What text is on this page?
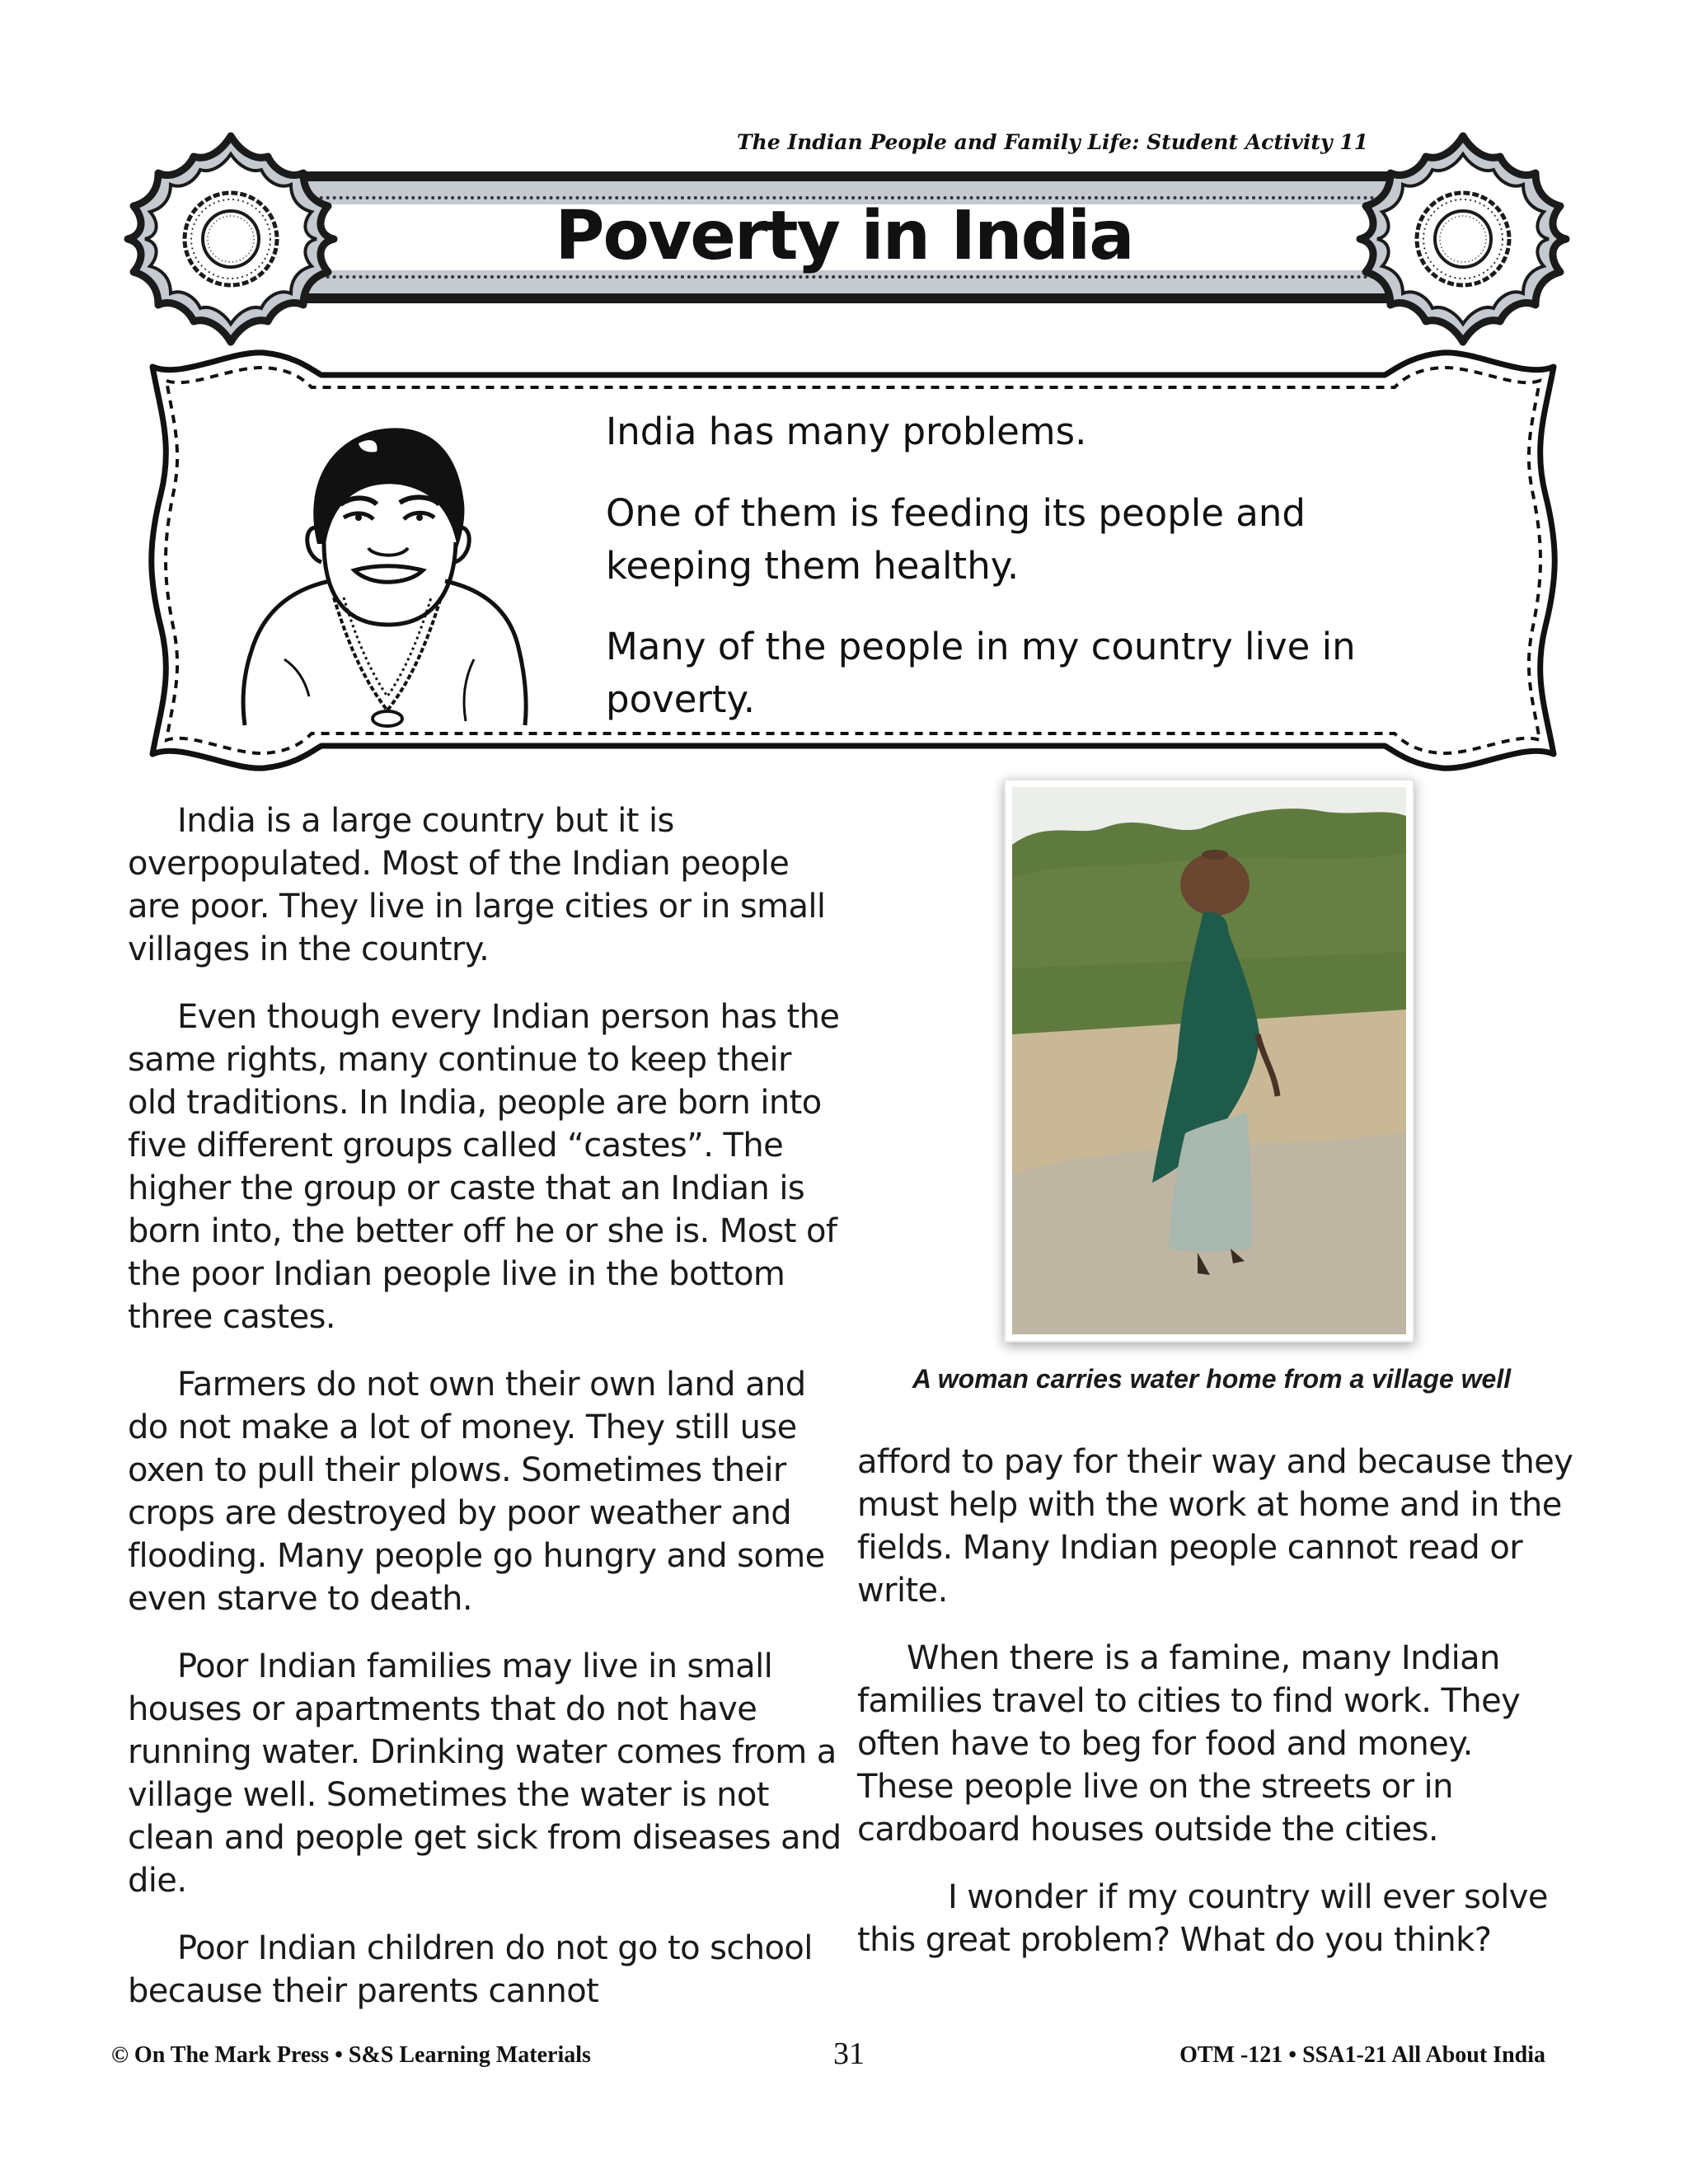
The Indian People and Family Life: Student Activity 11
Poverty in India
India has many problems.
One of them is feeding its people and keeping them healthy.
Many of the people in my country live in poverty.

India is a large country but it is overpopulated. Most of the Indian people are poor. They live in large cities or in small villages in the country.

Even though every Indian person has the same rights, many continue to keep their old traditions. In India, people are born into five different groups called “castes”. The higher the group or caste that an Indian is born into, the better off he or she is. Most of the poor Indian people live in the bottom three castes.

Farmers do not own their own land and do not make a lot of money. They still use oxen to pull their plows. Sometimes their crops are destroyed by poor weather and flooding. Many people go hungry and some even starve to death.

Poor Indian families may live in small houses or apartments that do not have running water. Drinking water comes from a village well. Sometimes the water is not clean and people get sick from diseases and die.

Poor Indian children do not go to school because their parents cannot

A woman carries water home from a village well

afford to pay for their way and because they must help with the work at home and in the fields. Many Indian people cannot read or write.

When there is a famine, many Indian families travel to cities to find work. They often have to beg for food and money. These people live on the streets or in cardboard houses outside the cities.

I wonder if my country will ever solve this great problem? What do you think?

© On The Mark Press • S&S Learning Materials	31	OTM -121 • SSA1-21 All About India
